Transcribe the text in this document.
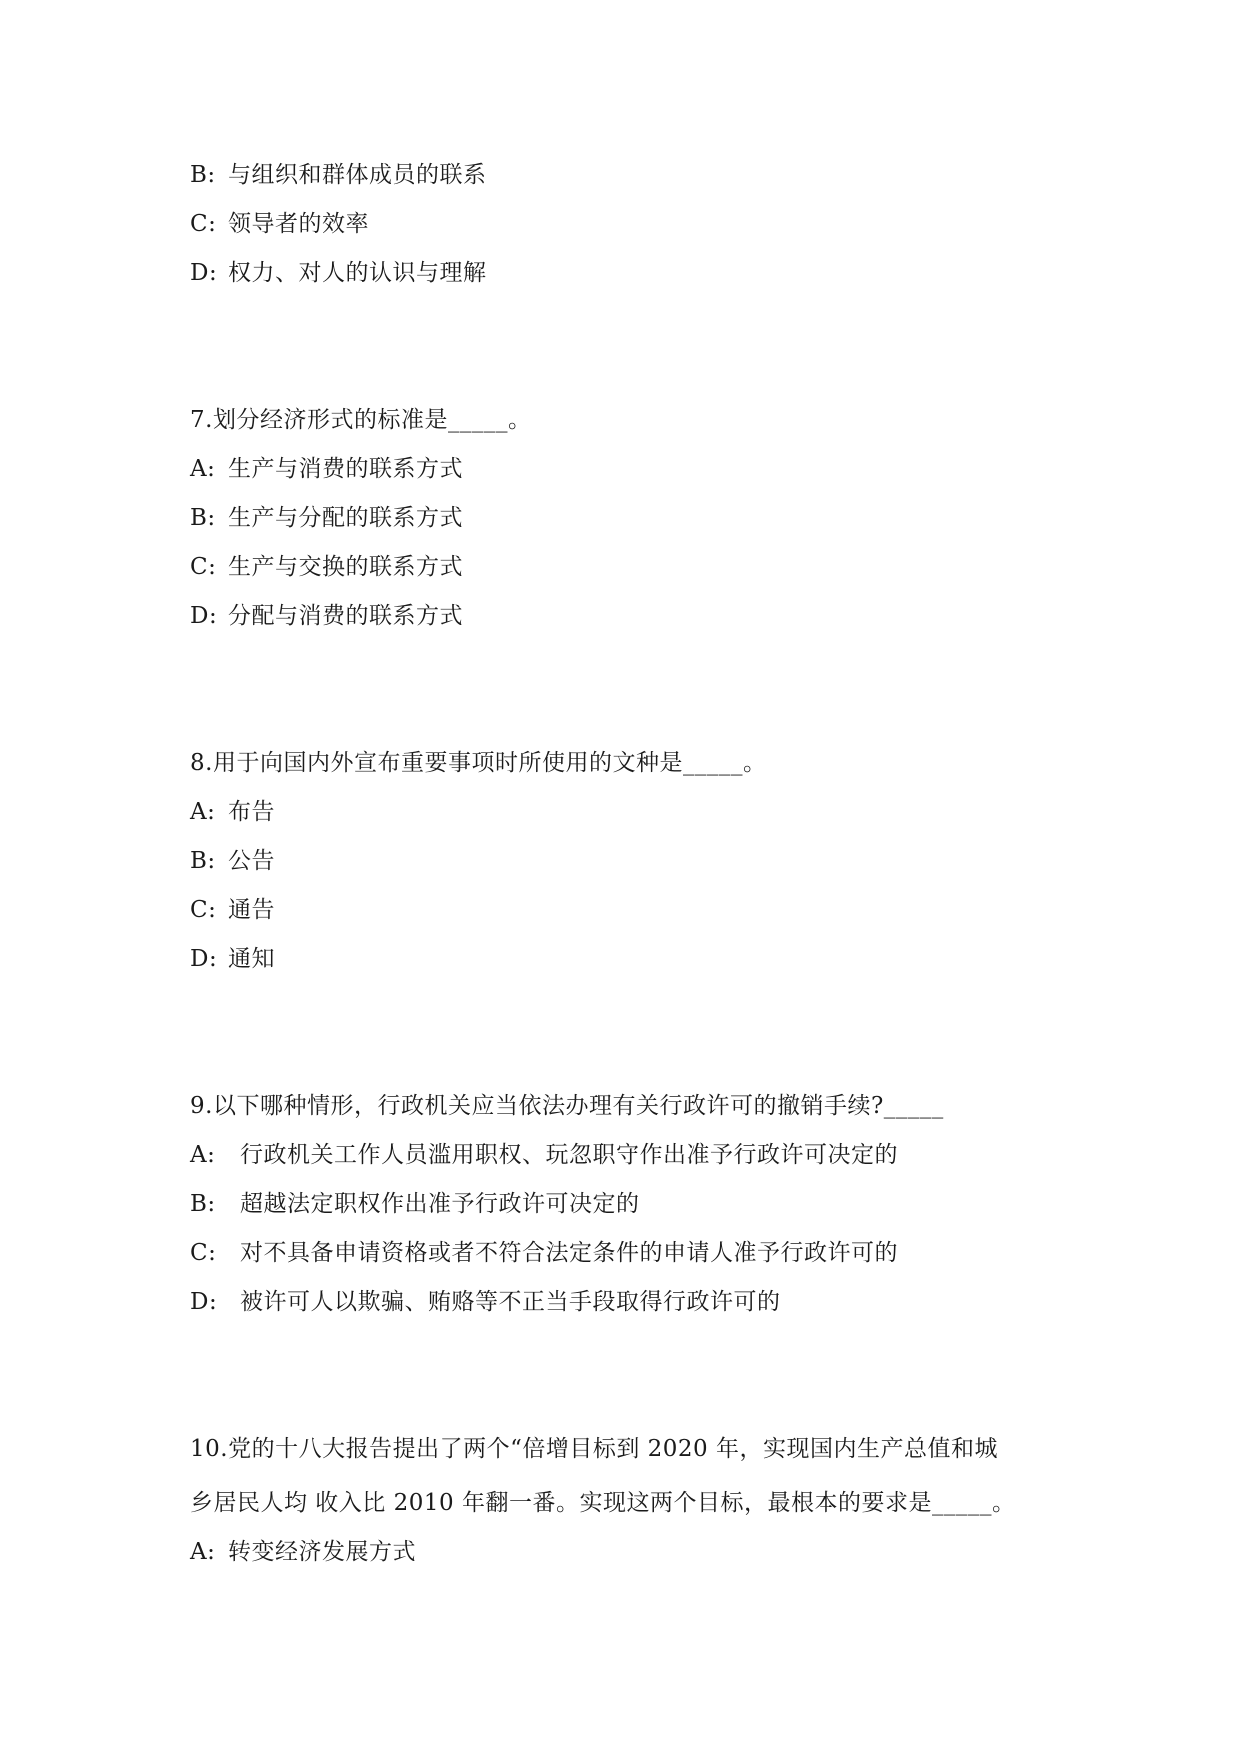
B: 与组织和群体成员的联系
C: 领导者的效率
D: 权力、对人的认识与理解
7.划分经济形式的标准是_____。
A: 生产与消费的联系方式
B: 生产与分配的联系方式
C: 生产与交换的联系方式
D: 分配与消费的联系方式
8.用于向国内外宣布重要事项时所使用的文种是_____。
A: 布告
B: 公告
C: 通告
D: 通知
9.以下哪种情形，行政机关应当依法办理有关行政许可的撤销手续?_____
A: 行政机关工作人员滥用职权、玩忽职守作出准予行政许可决定的
B: 超越法定职权作出准予行政许可决定的
C: 对不具备申请资格或者不符合法定条件的申请人准予行政许可的
D: 被许可人以欺骗、贿赂等不正当手段取得行政许可的
10.党的十八大报告提出了两个“倍增目标到 2020 年，实现国内生产总值和城
乡居民人均 收入比 2010 年翻一番。实现这两个目标，最根本的要求是_____。
A: 转变经济发展方式
